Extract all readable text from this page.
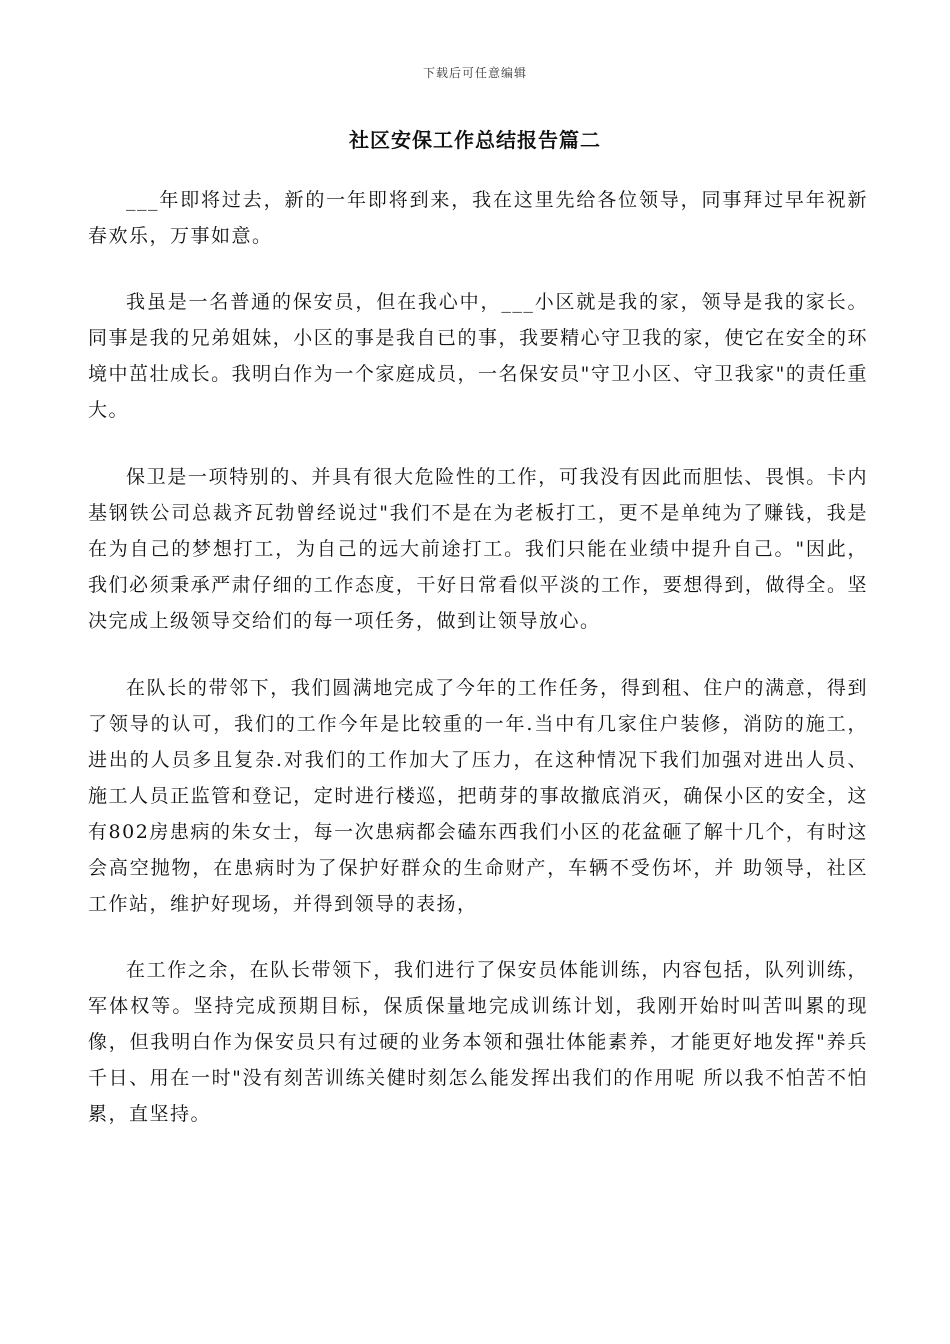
下载后可任意编辑
社区安保工作总结报告篇二

___年即将过去，新的一年即将到来，我在这里先给各位领导，同事拜过早年祝新春欢乐，万事如意。

我虽是一名普通的保安员，但在我心中，___小区就是我的家，领导是我的家长。同事是我的兄弟姐妹，小区的事是我自已的事，我要精心守卫我的家，使它在安全的环境中茁壮成长。我明白作为一个家庭成员，一名保安员"守卫小区、守卫我家"的责任重大。

保卫是一项特别的、并具有很大危险性的工作，可我没有因此而胆怯、畏惧。卡内基钢铁公司总裁齐瓦勃曾经说过"我们不是在为老板打工，更不是单纯为了赚钱，我是在为自己的梦想打工，为自己的远大前途打工。我们只能在业绩中提升自己。"因此，我们必须秉承严肃仔细的工作态度，干好日常看似平淡的工作，要想得到，做得全。坚决完成上级领导交给们的每一项任务，做到让领导放心。

在队长的带邻下，我们圆满地完成了今年的工作任务，得到租、住户的满意，得到了领导的认可，我们的工作今年是比较重的一年.当中有几家住户装修，消防的施工，进出的人员多且复杂.对我们的工作加大了压力，在这种情况下我们加强对进出人员、施工人员正监管和登记，定时进行楼巡，把萌芽的事故撤底消灭，确保小区的安全，这有802房患病的朱女士，每一次患病都会磕东西我们小区的花盆砸了解十几个，有时这会高空抛物，在患病时为了保护好群众的生命财产，车辆不受伤坏，并 助领导，社区工作站，维护好现场，并得到领导的表扬，

在工作之余，在队长带领下，我们进行了保安员体能训练，内容包括，队列训练，军体权等。坚持完成预期目标，保质保量地完成训练计划，我刚开始时叫苦叫累的现像，但我明白作为保安员只有过硬的业务本领和强壮体能素养，才能更好地发挥"养兵千日、用在一时"没有刻苦训练关健时刻怎么能发挥出我们的作用呢 所以我不怕苦不怕累，直坚持。
